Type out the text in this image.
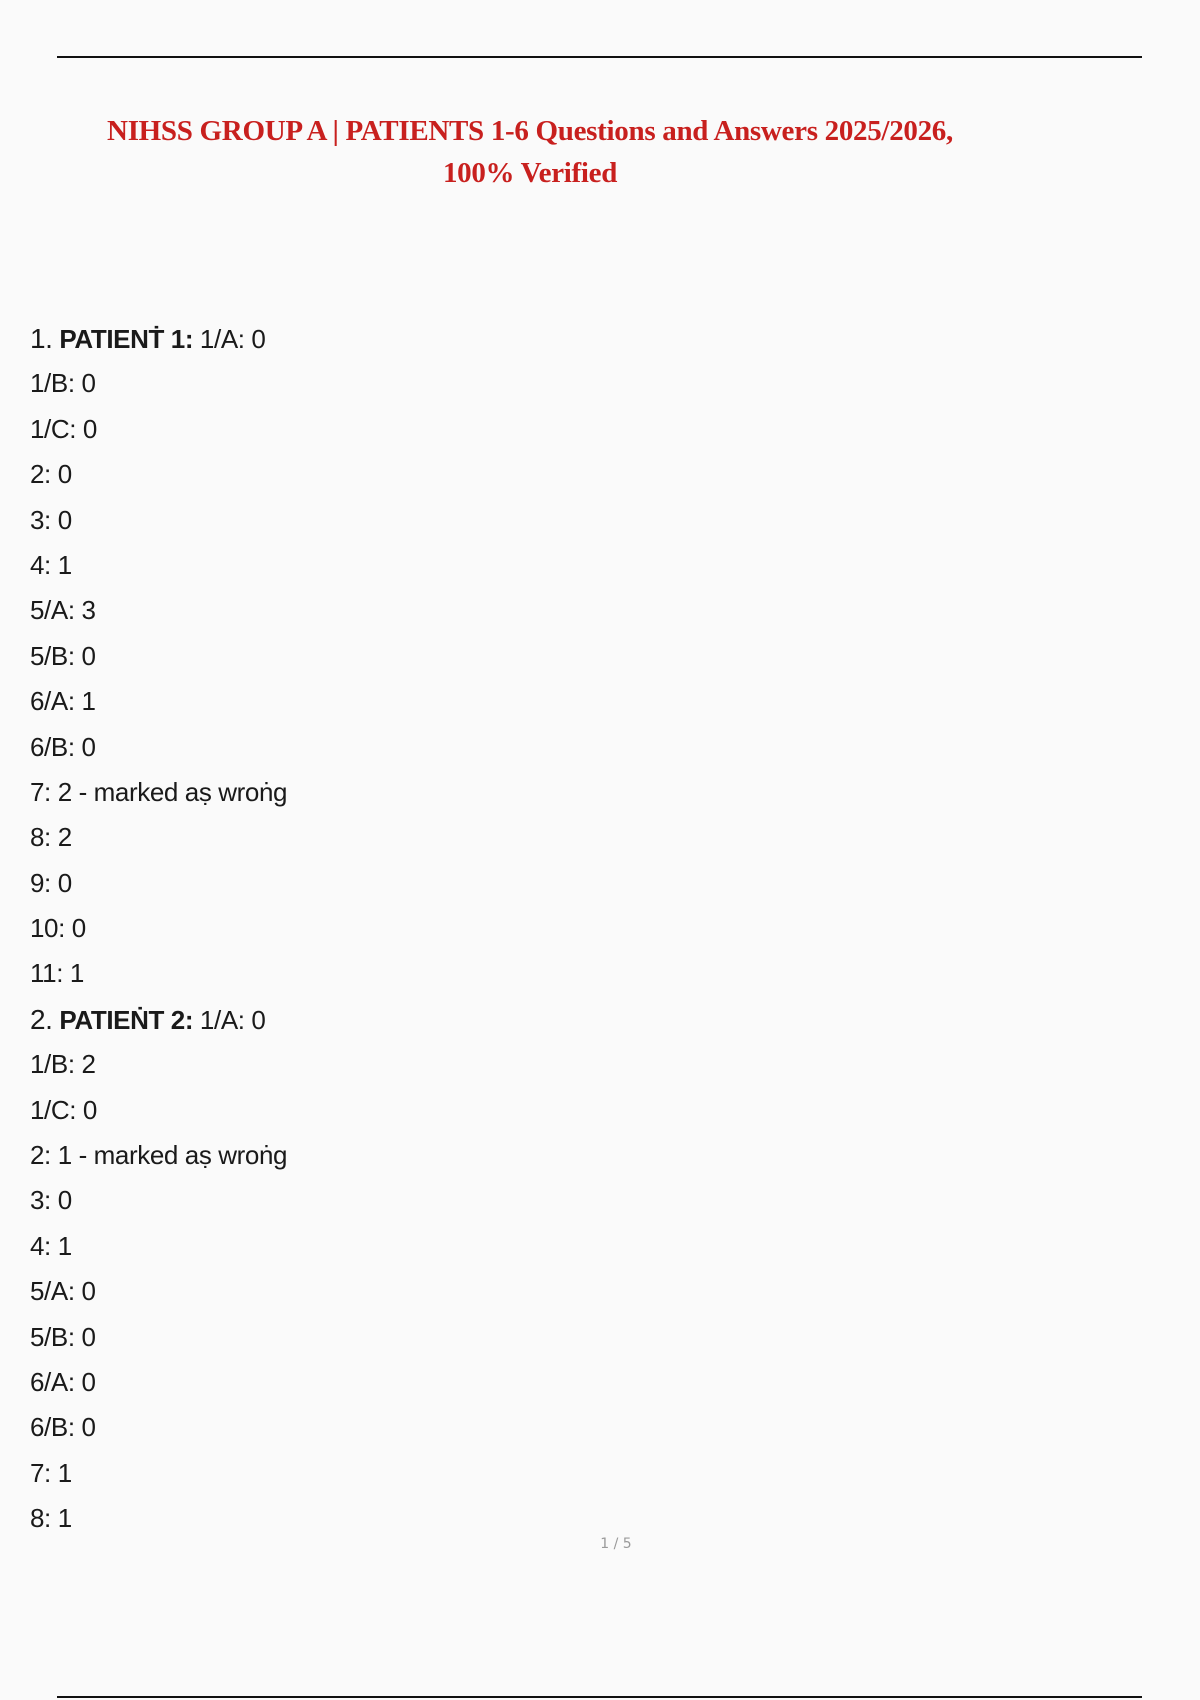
NIHSS GROUP A | PATIENTS 1-6 Questions and Answers 2025/2026,
100% Verified
1. PATIENṪ 1: 1/A: 0
1/B: 0
1/C: 0
2: 0
3: 0
4: 1
5/A: 3
5/B: 0
6/A: 1
6/B: 0
7: 2 - marked aṣ wroṅg
8: 2
9: 0
10: 0
11: 1
2. PATIEṄT 2: 1/A: 0
1/B: 2
1/C: 0
2: 1 - marked aṣ wroṅg
3: 0
4: 1
5/A: 0
5/B: 0
6/A: 0
6/B: 0
7: 1
8: 1
1 / 5
